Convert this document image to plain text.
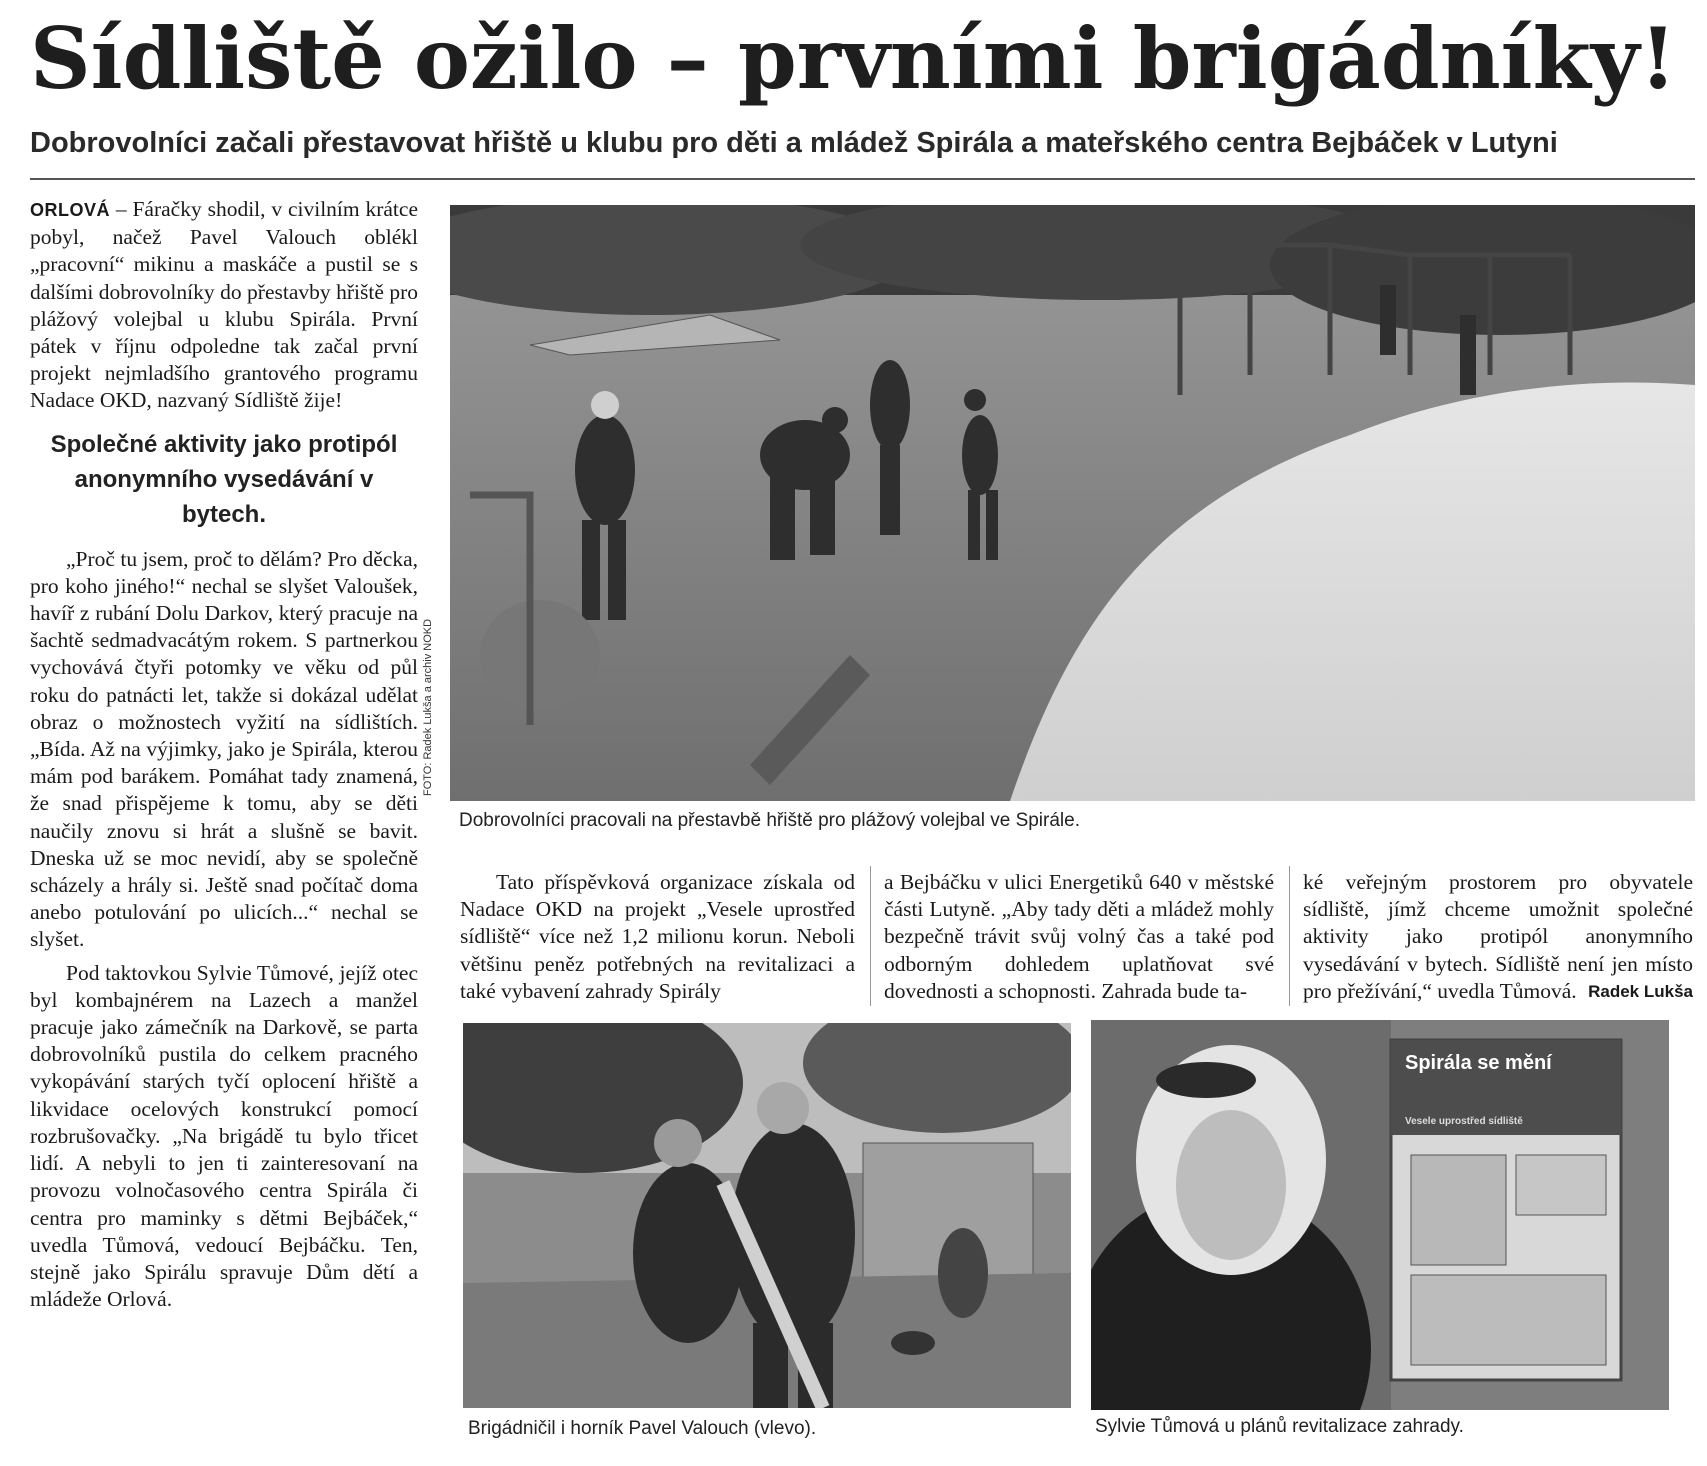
Sídliště ožilo – prvními brigádníky!
Dobrovolníci začali přestavovat hřiště u klubu pro děti a mládež Spirála a mateřského centra Bejbáček v Lutyni

ORLOVÁ – Fáračky shodil, v civilním krátce pobyl, načež Pavel Valouch oblékl „pracovní“ mikinu a maskáče a pustil se s dalšími dobrovolníky do přestavby hřiště pro plážový volejbal u klubu Spirála. První pátek v říjnu odpoledne tak začal první projekt nejmladšího grantového programu Nadace OKD, nazvaný Sídliště žije!

Společné aktivity jako protipól anonymního vysedávání v bytech.

„Proč tu jsem, proč to dělám? Pro děcka, pro koho jiného!“ nechal se slyšet Valoušek, havíř z rubání Dolu Darkov, který pracuje na šachtě sedmadvacátým rokem. S partnerkou vychovává čtyři potomky ve věku od půl roku do patnácti let, takže si dokázal udělat obraz o možnostech vyžití na sídlištích. „Bída. Až na výjimky, jako je Spirála, kterou mám pod barákem. Pomáhat tady znamená, že snad přispějeme k tomu, aby se děti naučily znovu si hrát a slušně se bavit. Dneska už se moc nevidí, aby se společně scházely a hrály si. Ještě snad počítač doma anebo potulování po ulicích...“ nechal se slyšet.

Pod taktovkou Sylvie Tůmové, jejíž otec byl kombajnérem na Lazech a manžel pracuje jako zámečník na Darkově, se parta dobrovolníků pustila do celkem pracného vykopávání starých tyčí oplocení hřiště a likvidace ocelových konstrukcí pomocí rozbrušovačky. „Na brigádě tu bylo třicet lidí. A nebyli to jen ti zainteresovaní na provozu volnočasového centra Spirála či centra pro maminky s dětmi Bejbáček,“ uvedla Tůmová, vedoucí Bejbáčku. Ten, stejně jako Spirálu spravuje Dům dětí a mládeže Orlová.

FOTO: Radek Lukša a archiv NOKD
Dobrovolníci pracovali na přestavbě hřiště pro plážový volejbal ve Spirále.

Tato příspěvková organizace získala od Nadace OKD na projekt „Vesele uprostřed sídliště“ více než 1,2 milionu korun. Neboli většinu peněz potřebných na revitalizaci a také vybavení zahrady Spirály

a Bejbáčku v ulici Energetiků 640 v městské části Lutyně. „Aby tady děti a mládež mohly bezpečně trávit svůj volný čas a také pod odborným dohledem uplatňovat své dovednosti a schopnosti. Zahrada bude ta-

ké veřejným prostorem pro obyvatele sídliště, jímž chceme umožnit společné aktivity jako protipól anonymního vysedávání v bytech. Sídliště není jen místo pro přežívání,“ uvedla Tůmová. Radek Lukša

Brigádničil i horník Pavel Valouch (vlevo).
Spirála se mění
Vesele uprostřed sídliště
Sylvie Tůmová u plánů revitalizace zahrady.
